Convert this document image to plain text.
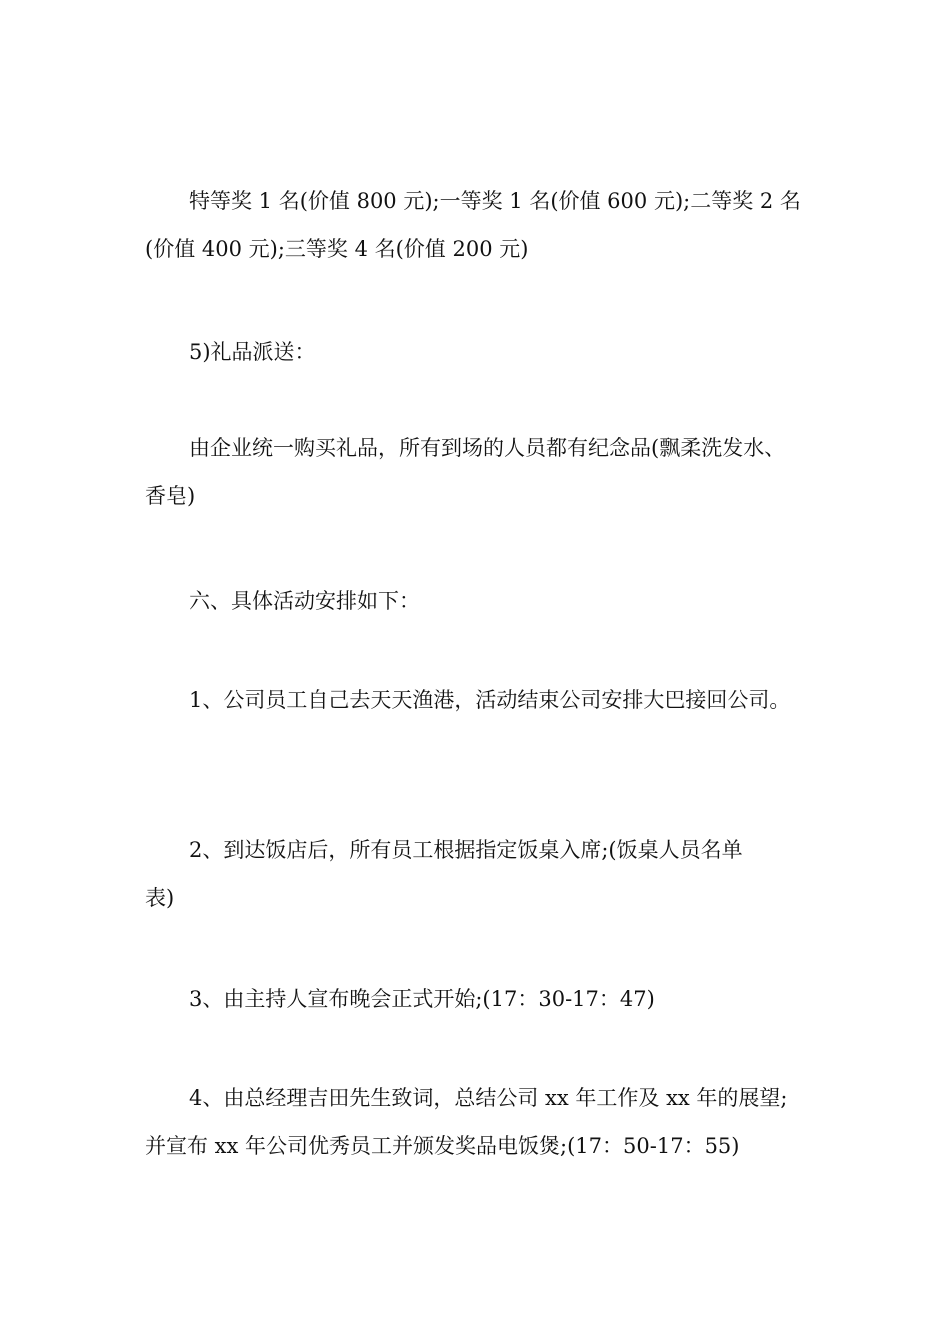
特等奖 1 名(价值 800 元);一等奖 1 名(价值 600 元);二等奖 2 名
(价值 400 元);三等奖 4 名(价值 200 元)
5)礼品派送：
由企业统一购买礼品，所有到场的人员都有纪念品(飘柔洗发水、
香皂)
六、具体活动安排如下：
1、公司员工自己去天天渔港，活动结束公司安排大巴接回公司。
2、到达饭店后，所有员工根据指定饭桌入席;(饭桌人员名单
表)
3、由主持人宣布晚会正式开始;(17：30-17：47)
4、由总经理吉田先生致词，总结公司 xx 年工作及 xx 年的展望;
并宣布 xx 年公司优秀员工并颁发奖品电饭煲;(17：50-17：55)
